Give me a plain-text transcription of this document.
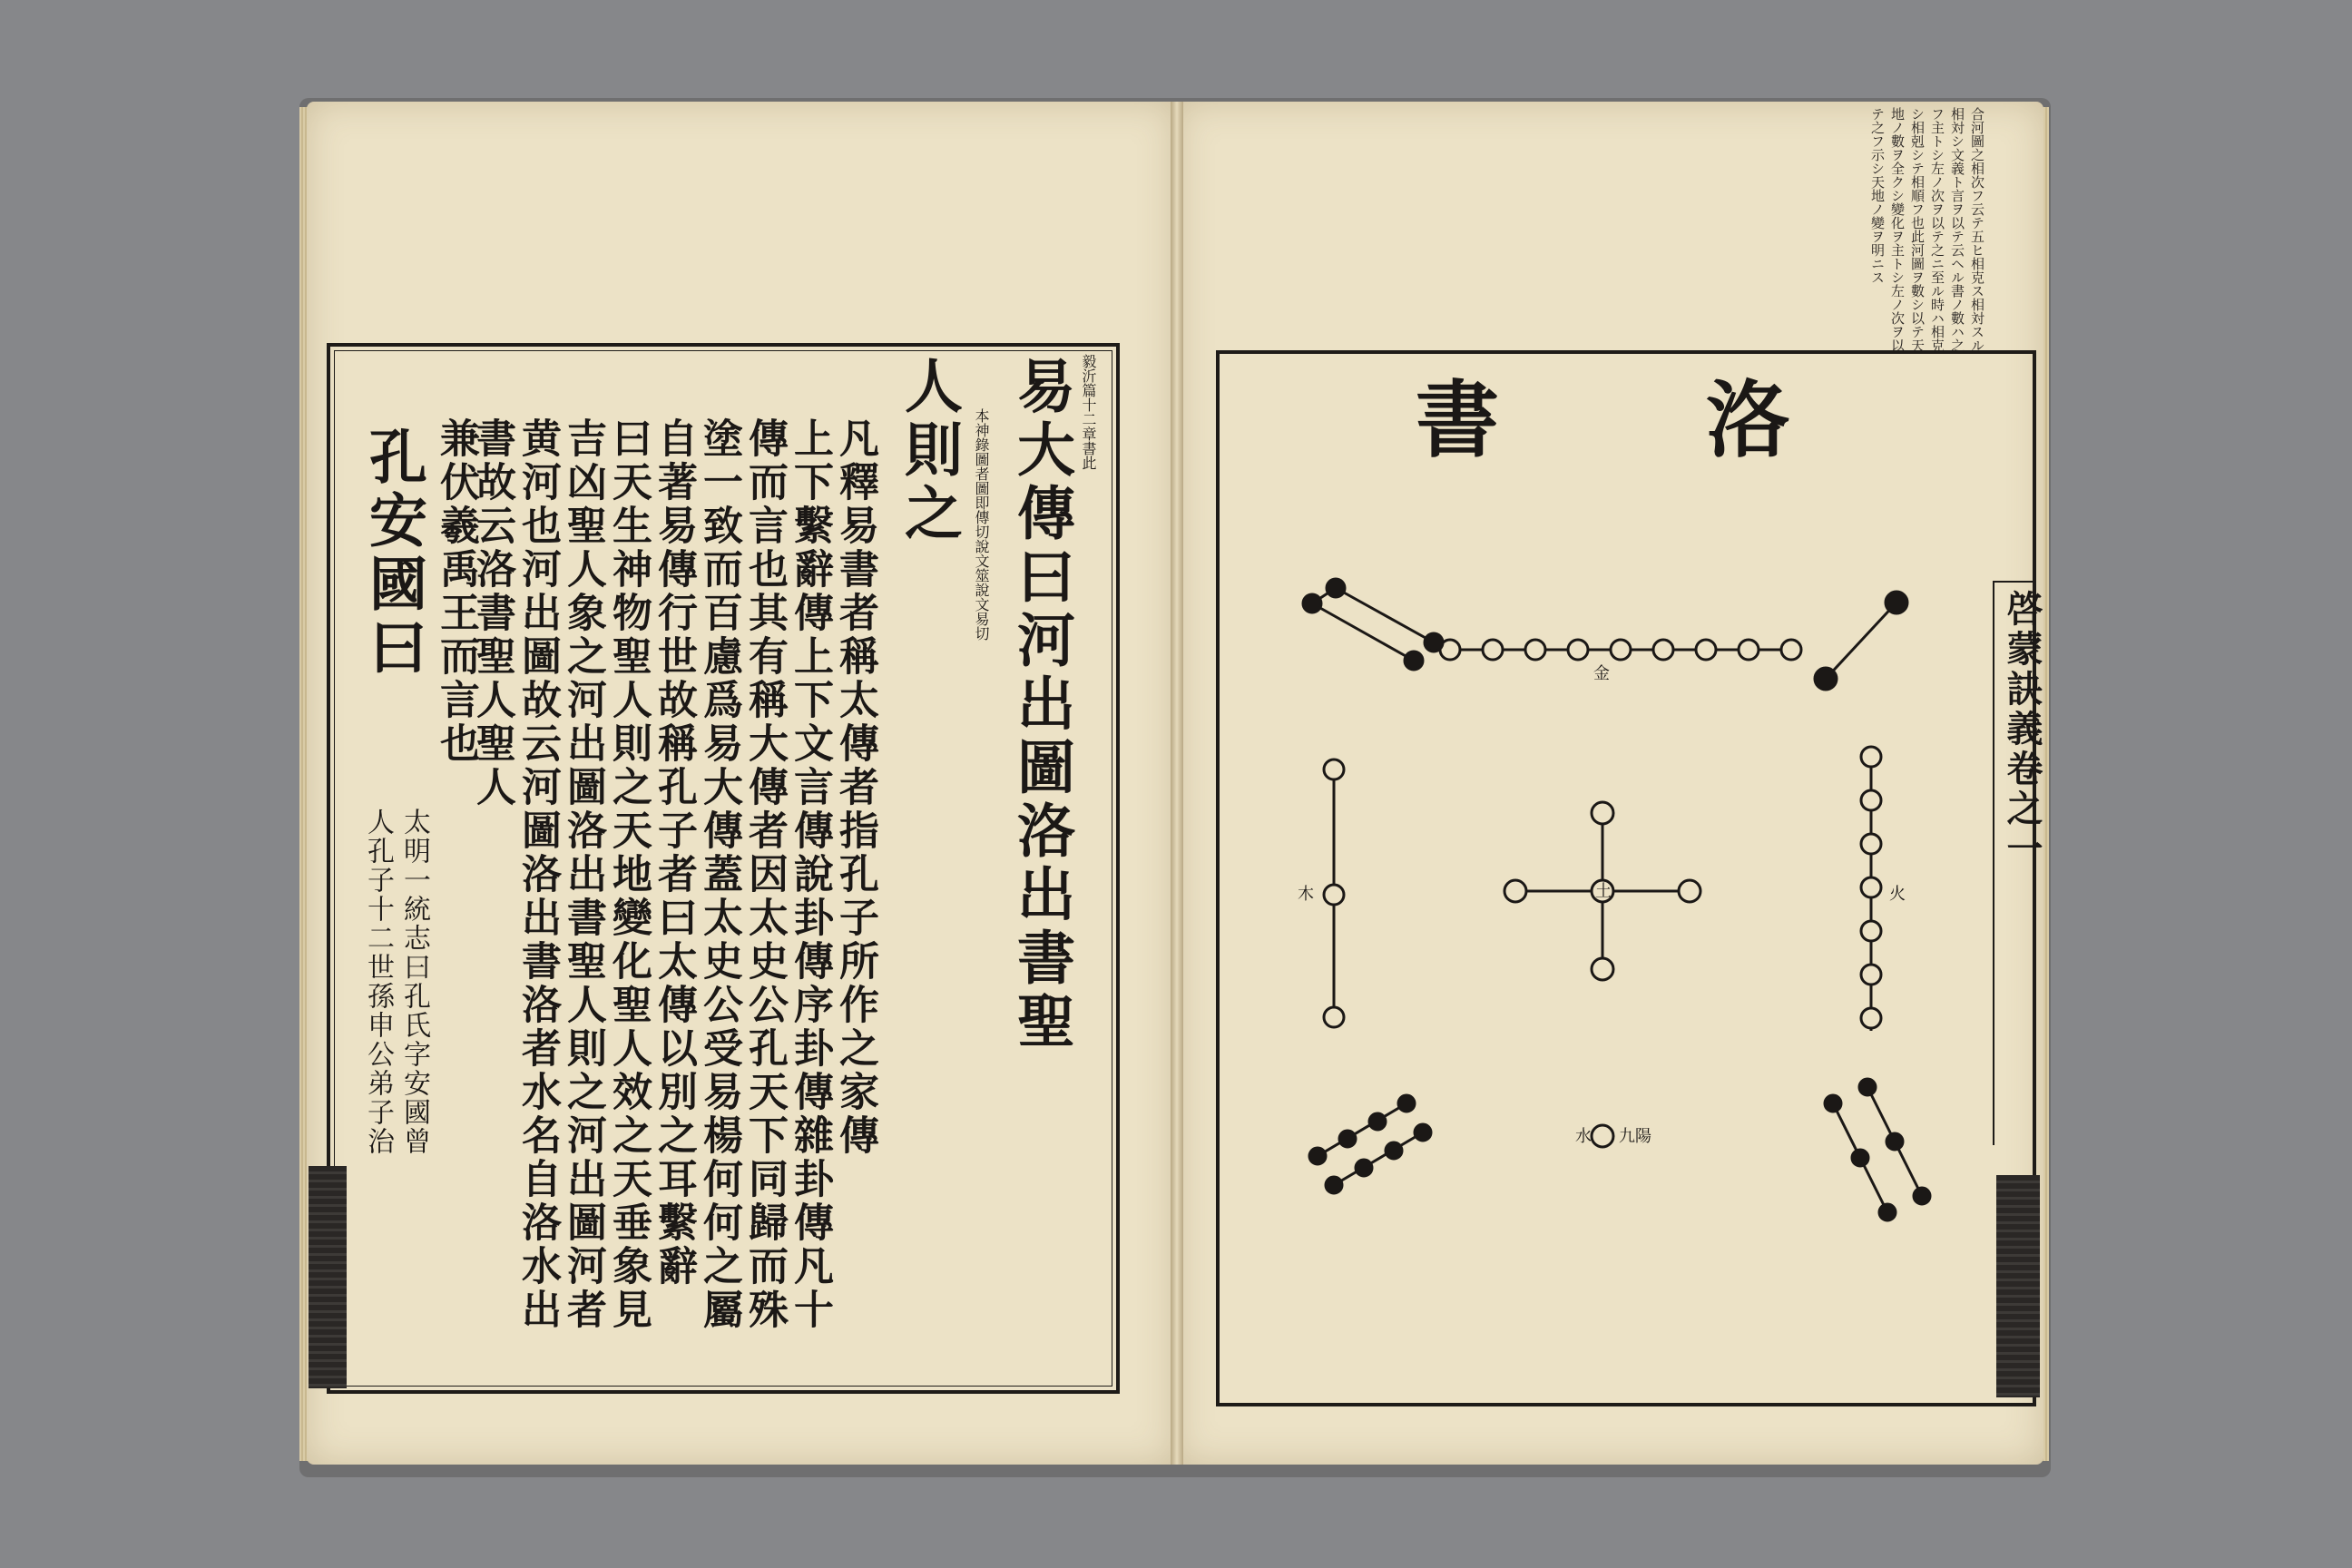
毅沂篇十二章書此
易大傳曰河出圖洛出書聖
本神錄圖者圖即傳切說文筮說文易切
人則之
凡釋易書者稱太傳者指孔子所作之家傳
上下繫辭傳上下文言傳說卦傳序卦傳雜卦傳凡十
傳而言也其有稱大傳者因太史公孔天下同歸而殊
塗一致而百慮爲易大傳蓋太史公受易楊何何之屬
自著易傳行世故稱孔子者曰太傳以別之耳繫辭
曰天生神物聖人則之天地變化聖人效之天垂象見
吉凶聖人象之河出圖洛出書聖人則之河出圖河者
黄河也河出圖故云河圖洛出書洛者水名自洛水出
書故云洛書聖人聖人
兼伏羲禹王而言也
孔安國曰
太明一統志曰孔氏字安國曾
人孔子十二世孫申公弟子治
合河圖之相次フ云テ五ヒ相克ス相対スル相対シ文義ト言ヲ以テ云ヘル書ノ數ハ之フ主トシ左ノ次ヲ以テ之ニ至ル時ハ相克シ相剋シテ相順フ也此河圖ヲ數シ以テ天地ノ數ヲ全クシ變化ヲ主トシ左ノ次ヲ以テ之フ示シ天地ノ變ヲ明ニス
洛
書
啓蒙訣義卷之一
金
土	火
木
九陽
水
